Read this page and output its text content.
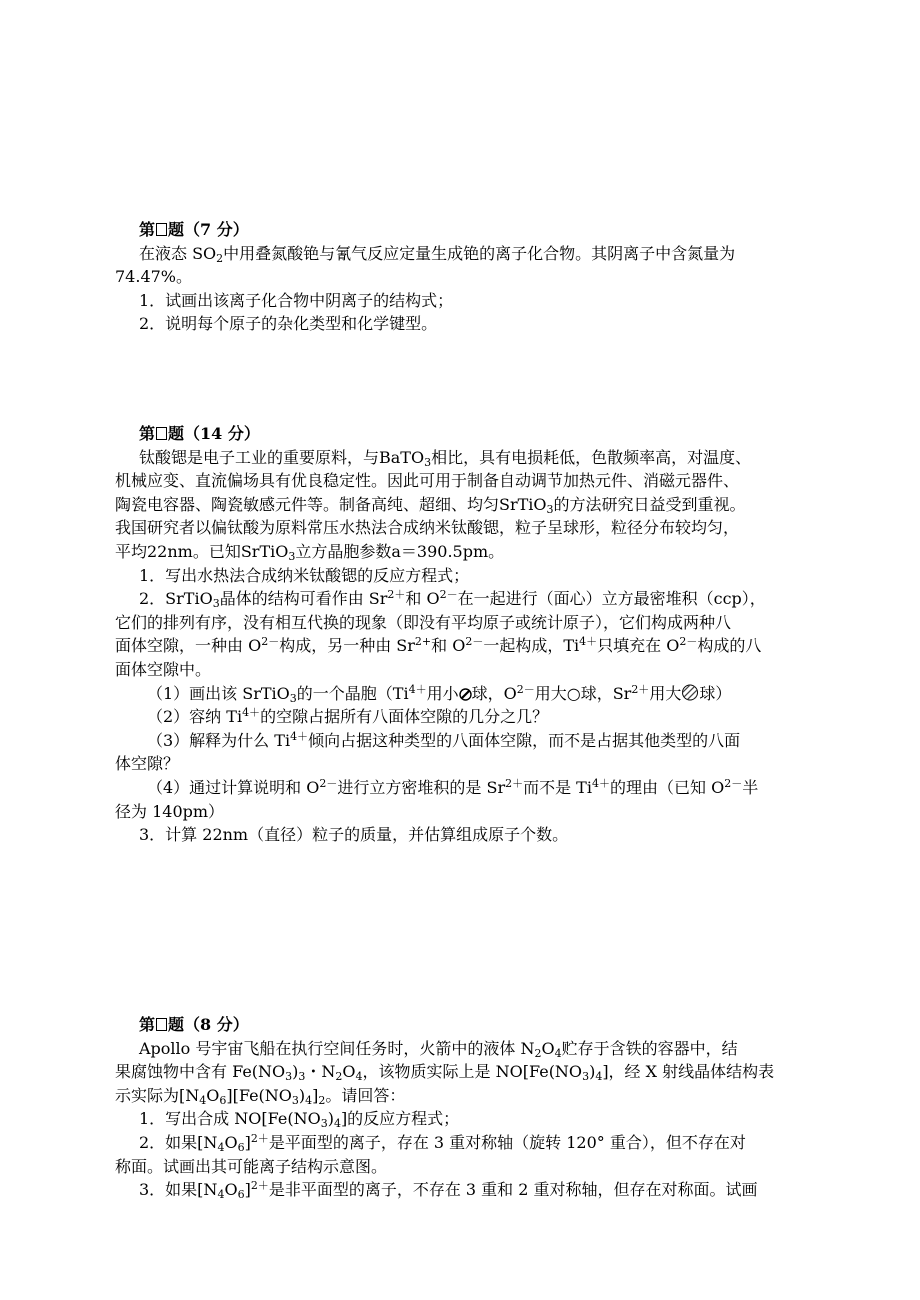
第 题（7 分）
在液态 $SO_2$中用叠氮酸铯与氰气反应定量生成铯的离子化合物。其阴离子中含氮量为
74.47%。
1．试画出该离子化合物中阴离子的结构式；
2．说明每个原子的杂化类型和化学键型。
第 题（14 分）
钛酸锶是电子工业的重要原料，与BaTO$_3$相比，具有电损耗低，色散频率高，对温度、
机械应变、直流偏场具有优良稳定性。因此可用于制备自动调节加热元件、消磁元器件、
陶瓷电容器、陶瓷敏感元件等。制备高纯、超细、均匀SrTiO$_3$的方法研究日益受到重视。
我国研究者以偏钛酸为原料常压水热法合成纳米钛酸锶，粒子呈球形，粒径分布较均匀，
平均22nm。已知SrTiO$_3$立方晶胞参数a＝390.5pm。
1．写出水热法合成纳米钛酸锶的反应方程式；
2．SrTiO$_3$晶体的结构可看作由 $Sr^{2+}$和 $O^{2-}$在一起进行（面心）立方最密堆积（ccp），
它们的排列有序，没有相互代换的现象（即没有平均原子或统计原子），它们构成两种八
面体空隙，一种由 $O^{2-}$构成，另一种由 $Sr^{2+}$和 $O^{2-}$一起构成，$Ti^{4+}$只填充在 $O^{2-}$构成的八
面体空隙中。
（1）画出该 SrTiO$_3$的一个晶胞（$Ti^{4+}$用小 球，$O^{2-}$用大○球，$Sr^{2+}$用大 球）
（2）容纳 $Ti^{4+}$的空隙占据所有八面体空隙的几分之几？
（3）解释为什么 $Ti^{4+}$倾向占据这种类型的八面体空隙，而不是占据其他类型的八面
体空隙？
（4）通过计算说明和 $O^{2-}$进行立方密堆积的是 $Sr^{2+}$而不是 $Ti^{4+}$的理由（已知 $O^{2-}$半
径为 140pm）
3．计算 22nm（直径）粒子的质量，并估算组成原子个数。
第 题（8 分）
Apollo 号宇宙飞船在执行空间任务时，火箭中的液体 $N_2O_4$贮存于含铁的容器中，结
果腐蚀物中含有 $Fe(NO_3)_3$・$N_2O_4$，该物质实际上是 $NO[Fe(NO_3)_4]$，经 X 射线晶体结构表
示实际为$[N_4O_6][Fe(NO_3)_4]_2$。请回答：
1．写出合成 $NO[Fe(NO_3)_4]$的反应方程式；
2．如果$[N_4O_6]^{2+}$是平面型的离子，存在 3 重对称轴（旋转 120° 重合），但不存在对
称面。试画出其可能离子结构示意图。
3．如果$[N_4O_6]^{2+}$是非平面型的离子，不存在 3 重和 2 重对称轴，但存在对称面。试画
